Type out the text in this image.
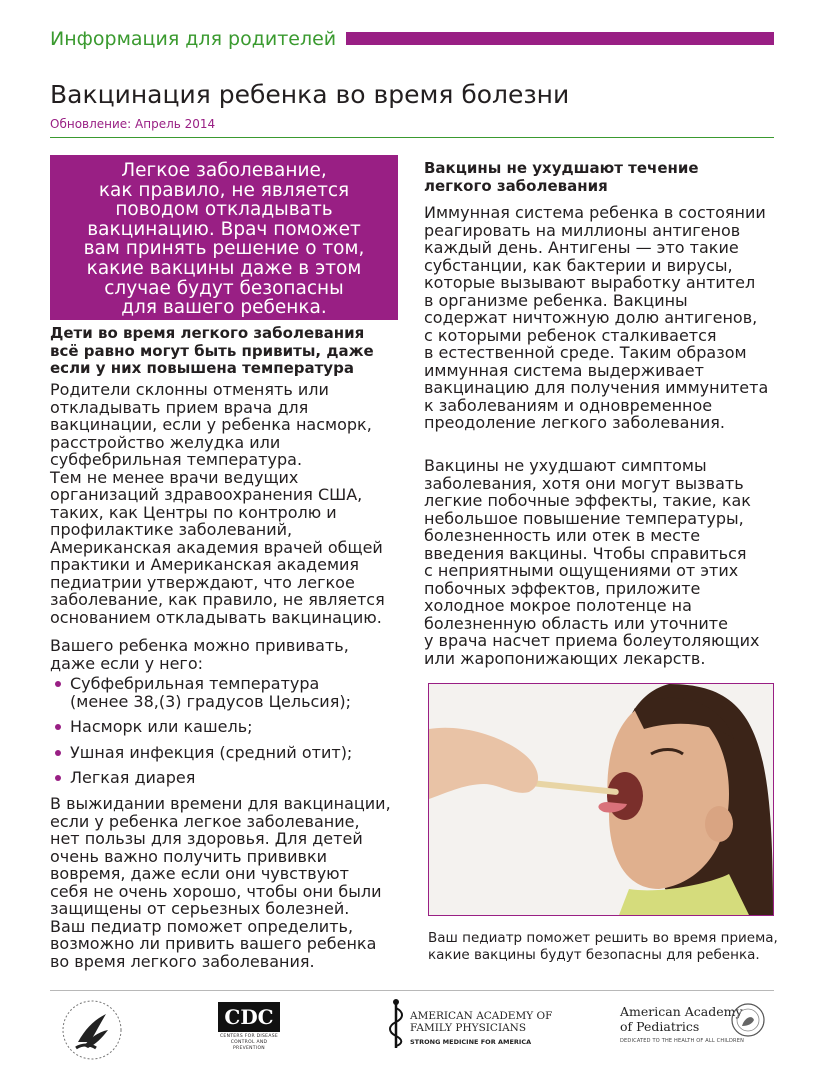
Информация для родителей
Вакцинация ребенка во время болезни
Обновление: Апрель 2014
Легкое заболевание,
как правило, не является
поводом откладывать
вакцинацию. Врач поможет
вам принять решение о том,
какие вакцины даже в этом
случае будут безопасны
для вашего ребенка.
Дети во время легкого заболевания
всё равно могут быть привиты, даже
если у них повышена температура
Родители склонны отменять или
откладывать прием врача для
вакцинации, если у ребенка насморк,
расстройство желудка или
субфебрильная температура.
Тем не менее врачи ведущих
организаций здравоохранения США,
таких, как Центры по контролю и
профилактике заболеваний,
Американская академия врачей общей
практики и Американская академия
педиатрии утверждают, что легкое
заболевание, как правило, не является
основанием откладывать вакцинацию.
Вашего ребенка можно прививать,
даже если у него:
Субфебрильная температура
(менее 38,(3) градусов Цельсия);
Насморк или кашель;
Ушная инфекция (средний отит);
Легкая диарея
В выжидании времени для вакцинации,
если у ребенка легкое заболевание,
нет пользы для здоровья. Для детей
очень важно получить прививки
вовремя, даже если они чувствуют
себя не очень хорошо, чтобы они были
защищены от серьезных болезней.
Ваш педиатр поможет определить,
возможно ли привить вашего ребенка
во время легкого заболевания.
Вакцины не ухудшают течение
легкого заболевания
Иммунная система ребенка в состоянии
реагировать на миллионы антигенов
каждый день. Антигены — это такие
субстанции, как бактерии и вирусы,
которые вызывают выработку антител
в организме ребенка. Вакцины
содержат ничтожную долю антигенов,
с которыми ребенок сталкивается
в естественной среде. Таким образом
иммунная система выдерживает
вакцинацию для получения иммунитета
к заболеваниям и одновременное
преодоление легкого заболевания.
Вакцины не ухудшают симптомы
заболевания, хотя они могут вызвать
легкие побочные эффекты, такие, как
небольшое повышение температуры,
болезненность или отек в месте
введения вакцины. Чтобы справиться
с неприятными ощущениями от этих
побочных эффектов, приложите
холодное мокрое полотенце на
болезненную область или уточните
у врача насчет приема болеутоляющих
или жаропонижающих лекарств.
Ваш педиатр поможет решить во время приема,
какие вакцины будут безопасны для ребенка.
CDC
CENTERS FOR DISEASE
CONTROL AND PREVENTION
AMERICAN ACADEMY OF
FAMILY PHYSICIANS
STRONG MEDICINE FOR AMERICA
American Academy
of Pediatrics
DEDICATED TO THE HEALTH OF ALL CHILDREN
